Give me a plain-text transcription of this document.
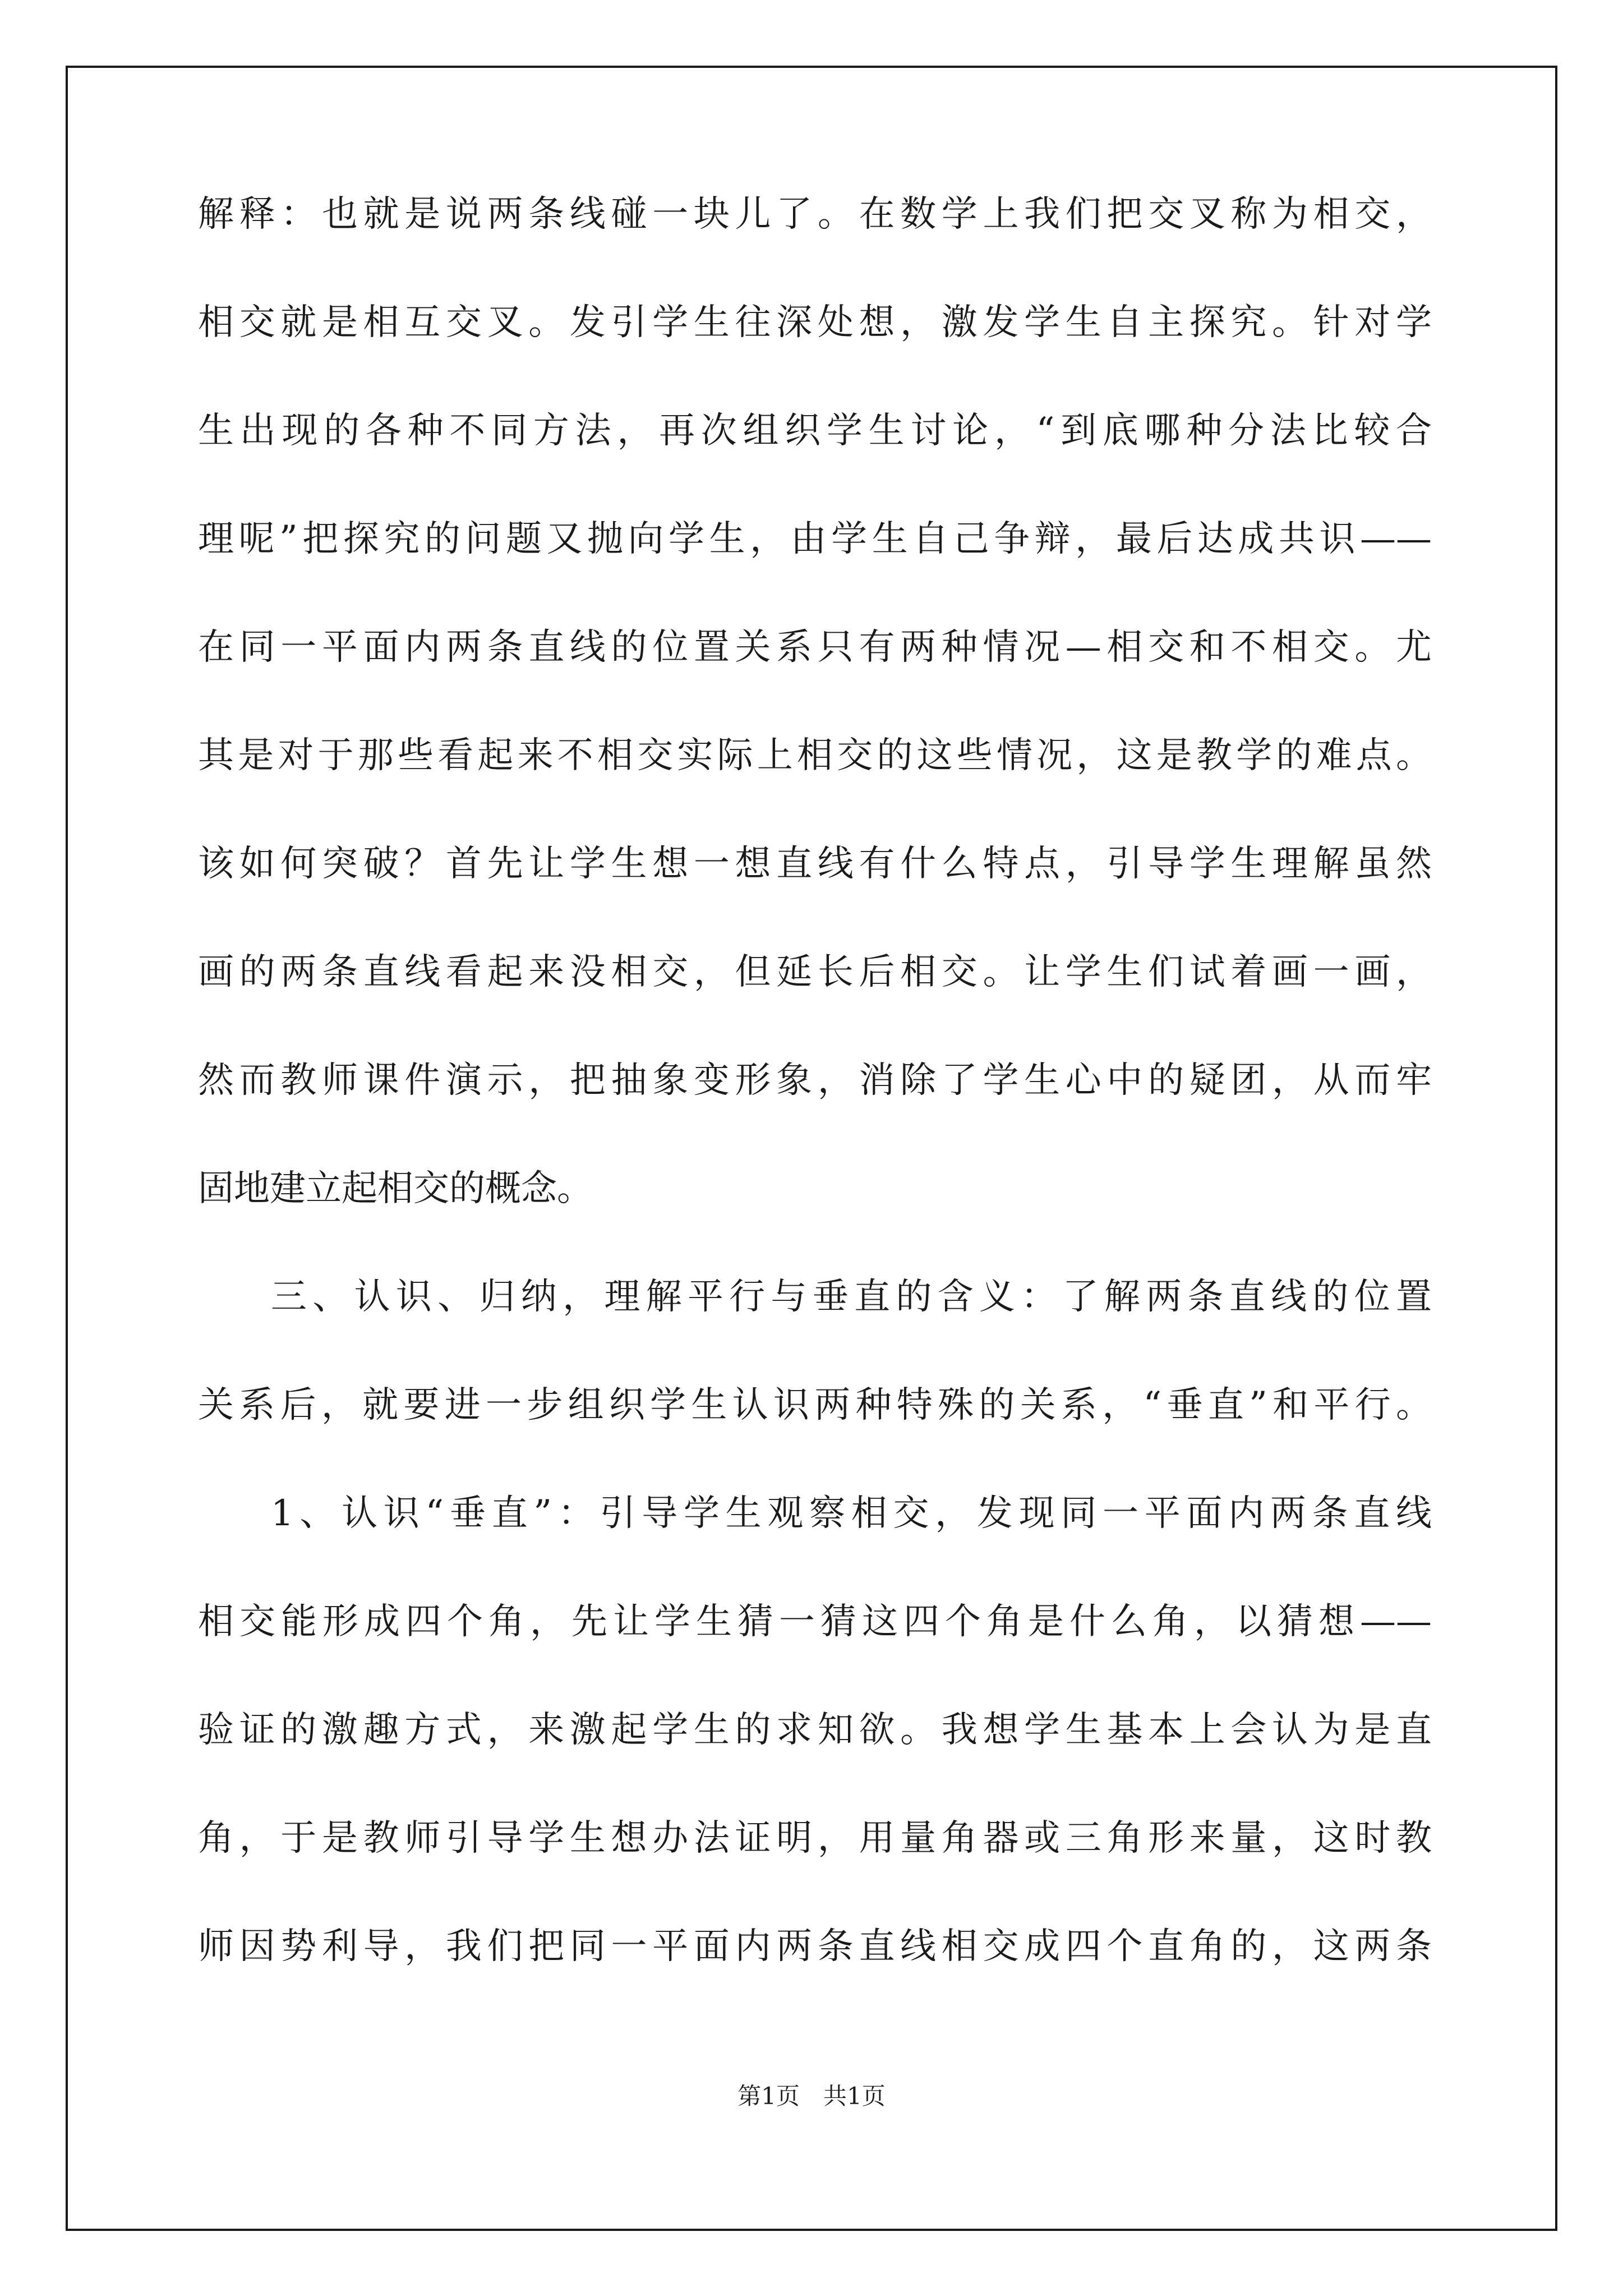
解释：也就是说两条线碰一块儿了。在数学上我们把交叉称为相交，
相交就是相互交叉。发引学生往深处想，激发学生自主探究。针对学
生出现的各种不同方法，再次组织学生讨论，“到底哪种分法比较合
理呢”把探究的问题又抛向学生，由学生自己争辩，最后达成共识——
在同一平面内两条直线的位置关系只有两种情况—相交和不相交。尤
其是对于那些看起来不相交实际上相交的这些情况，这是教学的难点。
该如何突破？首先让学生想一想直线有什么特点，引导学生理解虽然
画的两条直线看起来没相交，但延长后相交。让学生们试着画一画，
然而教师课件演示，把抽象变形象，消除了学生心中的疑团，从而牢
固地建立起相交的概念。
三、认识、归纳，理解平行与垂直的含义：了解两条直线的位置
关系后，就要进一步组织学生认识两种特殊的关系，“垂直”和平行。
1、认识“垂直”：引导学生观察相交，发现同一平面内两条直线
相交能形成四个角，先让学生猜一猜这四个角是什么角，以猜想——
验证的激趣方式，来激起学生的求知欲。我想学生基本上会认为是直
角，于是教师引导学生想办法证明，用量角器或三角形来量，这时教
师因势利导，我们把同一平面内两条直线相交成四个直角的，这两条
第1页　共1页
